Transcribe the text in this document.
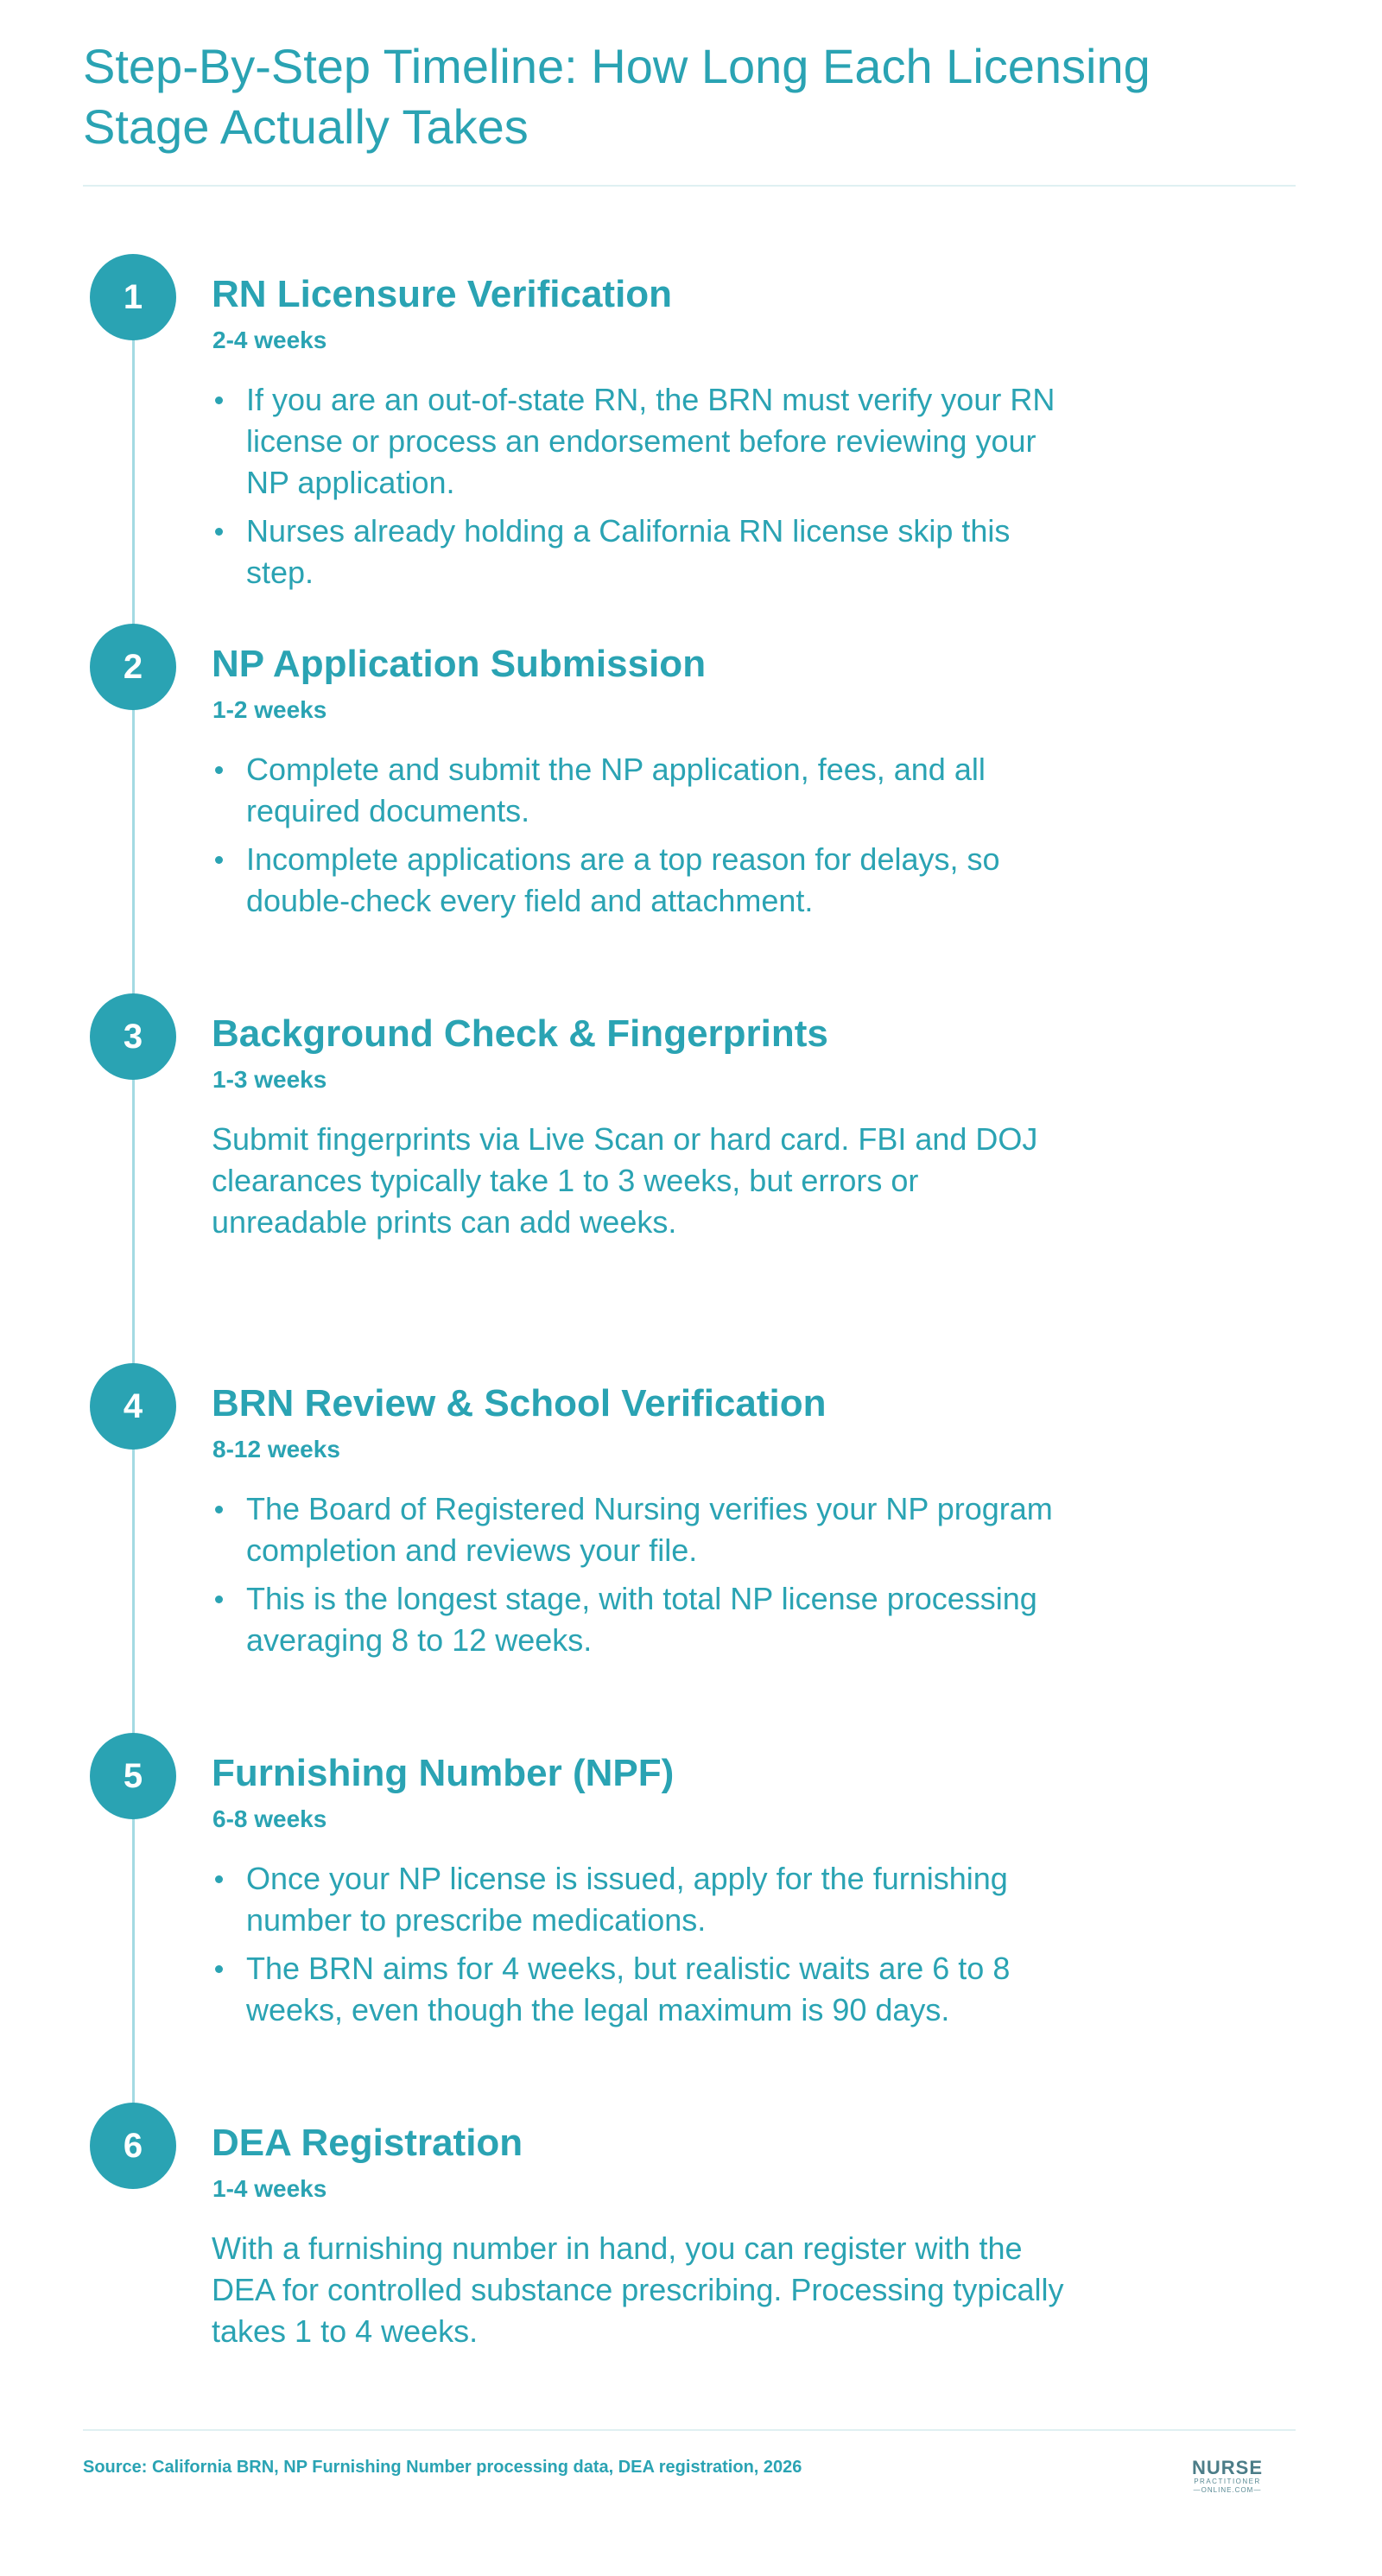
Step-By-Step Timeline: How Long Each Licensing Stage Actually Takes
1	RN Licensure Verification
2-4 weeks
If you are an out-of-state RN, the BRN must verify your RN license or process an endorsement before reviewing your NP application.
Nurses already holding a California RN license skip this step.
2	NP Application Submission
1-2 weeks
Complete and submit the NP application, fees, and all required documents.
Incomplete applications are a top reason for delays, so double-check every field and attachment.
3	Background Check & Fingerprints
1-3 weeks

Submit fingerprints via Live Scan or hard card. FBI and DOJ clearances typically take 1 to 3 weeks, but errors or unreadable prints can add weeks.

4	BRN Review & School Verification
8-12 weeks
The Board of Registered Nursing verifies your NP program completion and reviews your file.
This is the longest stage, with total NP license processing averaging 8 to 12 weeks.
5	Furnishing Number (NPF)
6-8 weeks
Once your NP license is issued, apply for the furnishing number to prescribe medications.
The BRN aims for 4 weeks, but realistic waits are 6 to 8 weeks, even though the legal maximum is 90 days.
6	DEA Registration
1-4 weeks

With a furnishing number in hand, you can register with the DEA for controlled substance prescribing. Processing typically takes 1 to 4 weeks.

Source: California BRN, NP Furnishing Number processing data, DEA registration, 2026	NURSE
PRACTITIONER
—ONLINE.COM—
